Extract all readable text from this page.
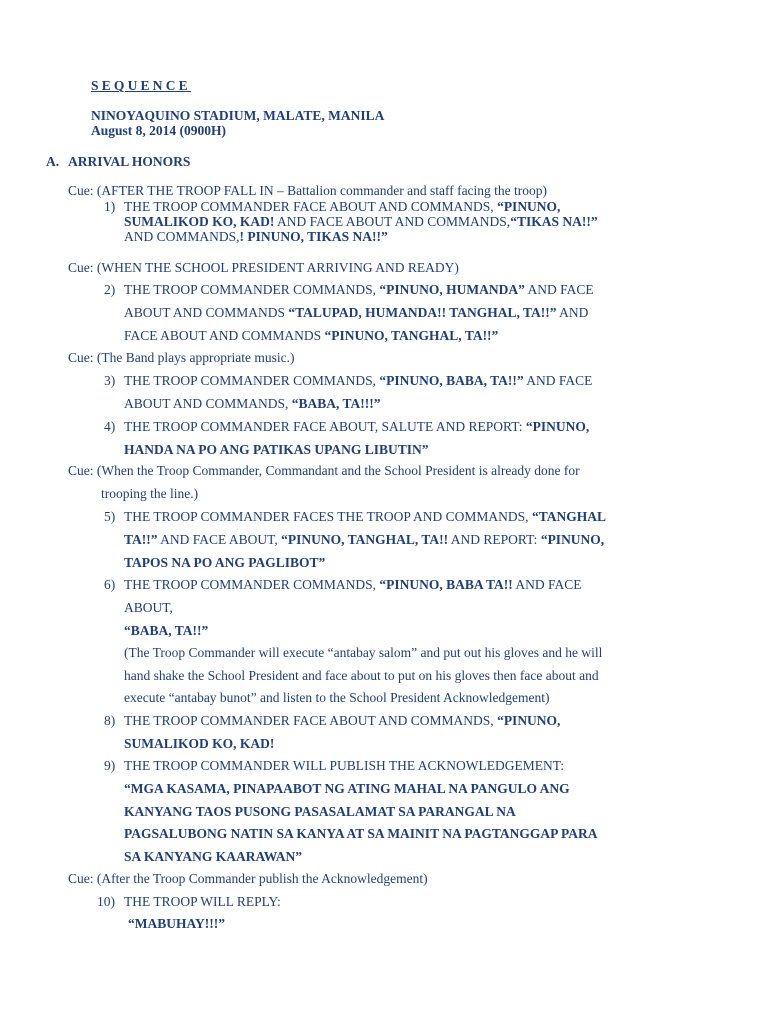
SEQUENCE
NINOYAQUINO STADIUM, MALATE, MANILA
August 8, 2014 (0900H)
A. ARRIVAL HONORS
Cue: (AFTER THE TROOP FALL IN – Battalion commander and staff facing the troop)
1) THE TROOP COMMANDER FACE ABOUT AND COMMANDS, “PINUNO,
SUMALIKOD KO, KAD! AND FACE ABOUT AND COMMANDS,“TIKAS NA!!”
AND COMMANDS,! PINUNO, TIKAS NA!!”
Cue: (WHEN THE SCHOOL PRESIDENT ARRIVING AND READY)
2) THE TROOP COMMANDER COMMANDS, “PINUNO, HUMANDA” AND FACE
ABOUT AND COMMANDS “TALUPAD, HUMANDA!! TANGHAL, TA!!” AND
FACE ABOUT AND COMMANDS “PINUNO, TANGHAL, TA!!”
Cue: (The Band plays appropriate music.)
3) THE TROOP COMMANDER COMMANDS, “PINUNO, BABA, TA!!” AND FACE
ABOUT AND COMMANDS, “BABA, TA!!!”
4) THE TROOP COMMANDER FACE ABOUT, SALUTE AND REPORT: “PINUNO,
HANDA NA PO ANG PATIKAS UPANG LIBUTIN”
Cue: (When the Troop Commander, Commandant and the School President is already done for
trooping the line.)
5) THE TROOP COMMANDER FACES THE TROOP AND COMMANDS, “TANGHAL
TA!!” AND FACE ABOUT, “PINUNO, TANGHAL, TA!! AND REPORT: “PINUNO,
TAPOS NA PO ANG PAGLIBOT”
6) THE TROOP COMMANDER COMMANDS, “PINUNO, BABA TA!! AND FACE
ABOUT,
“BABA, TA!!”
(The Troop Commander will execute “antabay salom” and put out his gloves and he will
hand shake the School President and face about to put on his gloves then face about and
execute “antabay bunot” and listen to the School President Acknowledgement)
8) THE TROOP COMMANDER FACE ABOUT AND COMMANDS, “PINUNO,
SUMALIKOD KO, KAD!
9) THE TROOP COMMANDER WILL PUBLISH THE ACKNOWLEDGEMENT:
“MGA KASAMA, PINAPAABOT NG ATING MAHAL NA PANGULO ANG
KANYANG TAOS PUSONG PASASALAMAT SA PARANGAL NA
PAGSALUBONG NATIN SA KANYA AT SA MAINIT NA PAGTANGGAP PARA
SA KANYANG KAARAWAN”
Cue: (After the Troop Commander publish the Acknowledgement)
10) THE TROOP WILL REPLY:
“MABUHAY!!!”
